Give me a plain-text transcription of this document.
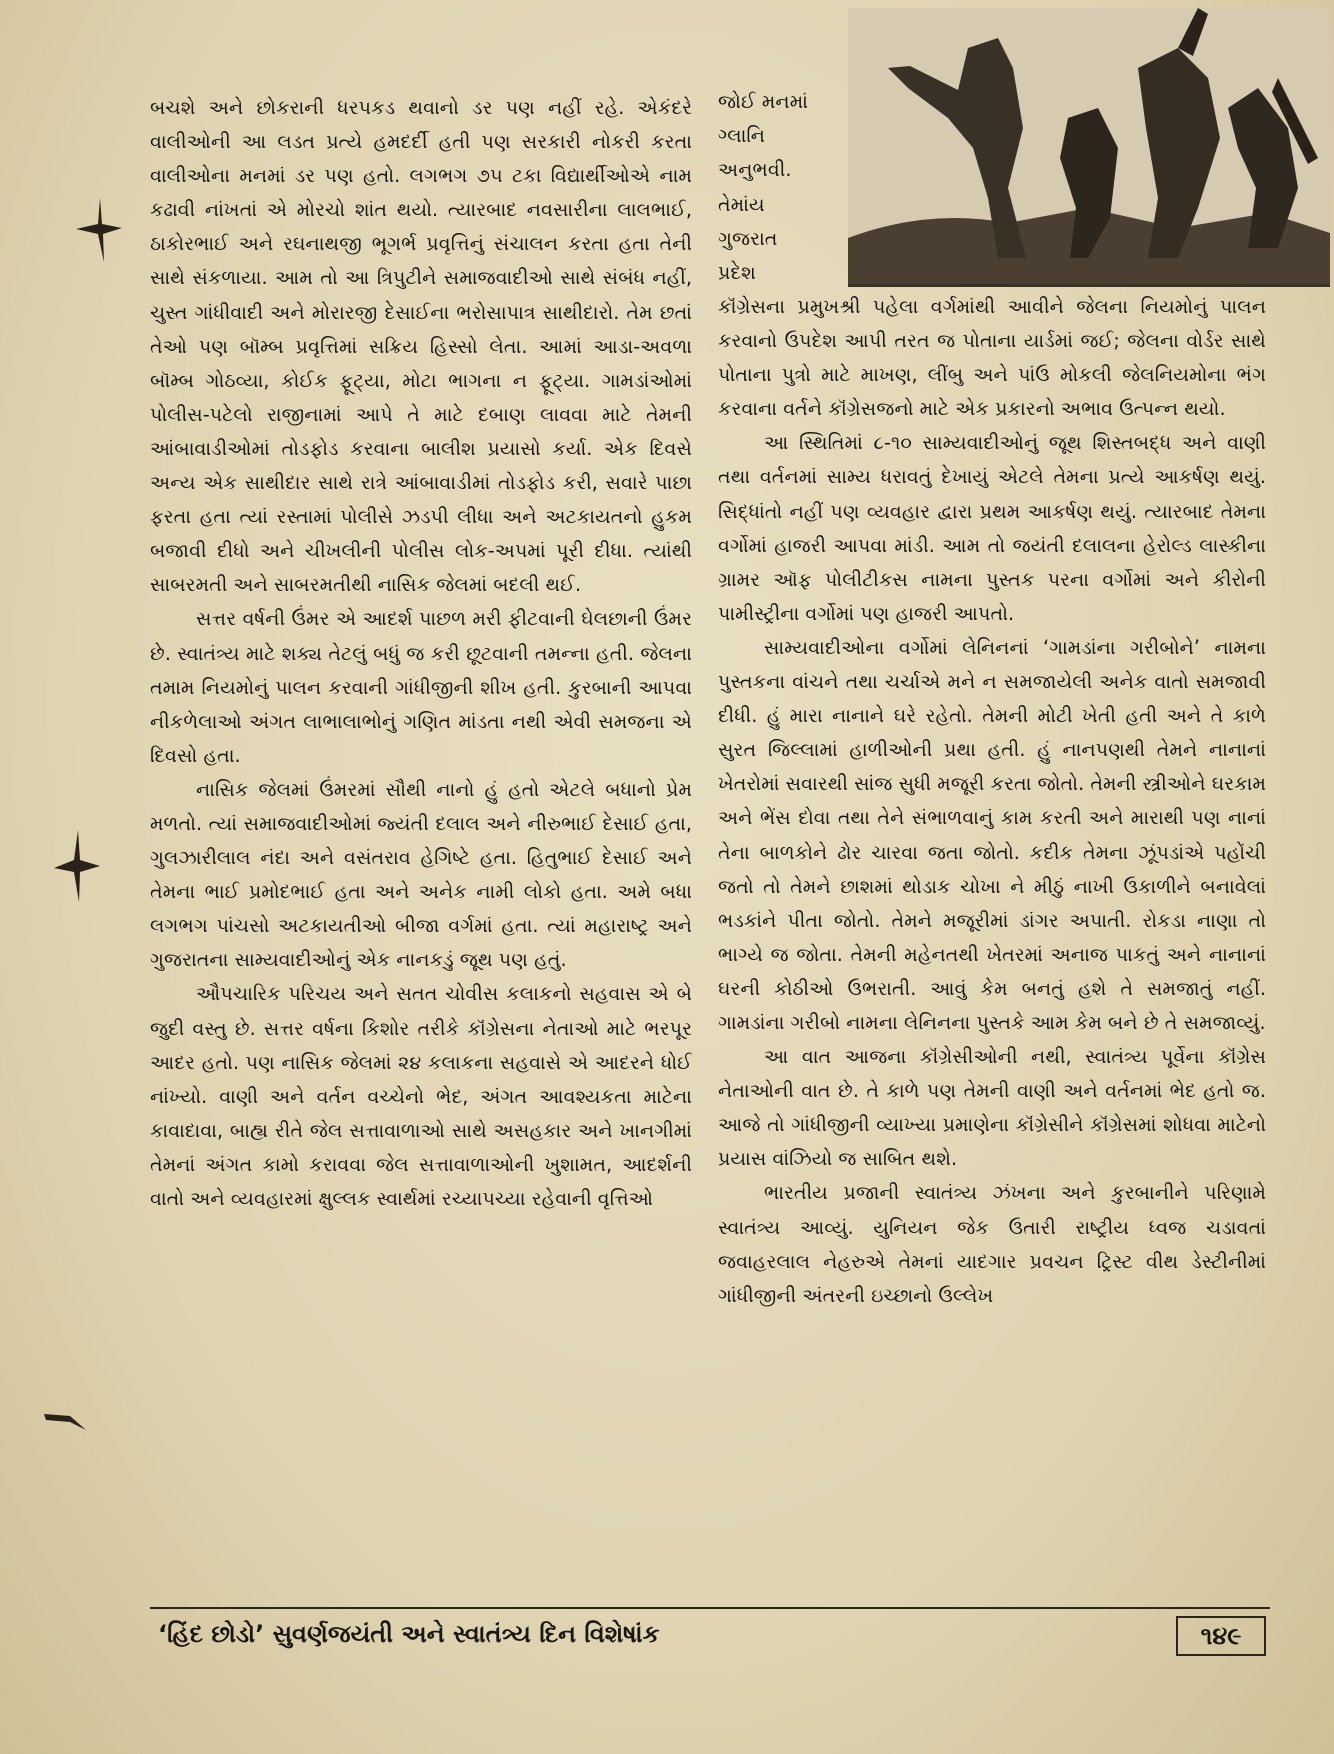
બચશે અને છોકરાની ધરપકડ થવાનો ડર પણ નહીં રહે. એકંદરે વાલીઓની આ લડત પ્રત્યે હમદર્દી હતી પણ સરકારી નોકરી કરતા વાલીઓના મનમાં ડર પણ હતો. લગભગ ૭૫ ટકા વિદ્યાર્થીઓએ નામ કઢાવી નાંખતાં એ મોરચો શાંત થયો. ત્યારબાદ નવસારીના લાલભાઈ, ઠાકોરભાઈ અને રઘનાથજી ભૂગર્ભ પ્રવૃત્તિનું સંચાલન કરતા હતા તેની સાથે સંકળાયા. આમ તો આ ત્રિપુટીને સમાજવાદીઓ સાથે સંબંધ નહીં, ચુસ્ત ગાંધીવાદી અને મોરારજી દેસાઈના ભરોસાપાત્ર સાથીદારો. તેમ છતાં તેઓ પણ બૉમ્બ પ્રવૃત્તિમાં સક્રિય હિસ્સો લેતા. આમાં આડા-અવળા બૉમ્બ ગોઠવ્યા, કોઈક ફૂટ્યા, મોટા ભાગના ન ફૂટ્યા. ગામડાંઓમાં પોલીસ-પટેલો રાજીનામાં આપે તે માટે દબાણ લાવવા માટે તેમની આંબાવાડીઓમાં તોડફોડ કરવાના બાલીશ પ્રયાસો કર્યા. એક દિવસે અન્ય એક સાથીદાર સાથે રાત્રે આંબાવાડીમાં તોડફોડ કરી, સવારે પાછા ફરતા હતા ત્યાં રસ્તામાં પોલીસે ઝડપી લીધા અને અટકાયતનો હુકમ બજાવી દીધો અને ચીખલીની પોલીસ લોક-અપમાં પૂરી દીધા. ત્યાંથી સાબરમતી અને સાબરમતીથી નાસિક જેલમાં બદલી થઈ.

સત્તર વર્ષની ઉંમર એ આદર્શ પાછળ મરી ફીટવાની ઘેલછાની ઉંમર છે. સ્વાતંત્ર્ય માટે શક્ય તેટલું બધું જ કરી છૂટવાની તમન્ના હતી. જેલના તમામ નિયમોનું પાલન કરવાની ગાંધીજીની શીખ હતી. કુરબાની આપવા નીકળેલાઓ અંગત લાભાલાભોનું ગણિત માંડતા નથી એવી સમજના એ દિવસો હતા.

નાસિક જેલમાં ઉંમરમાં સૌથી નાનો હું હતો એટલે બધાનો પ્રેમ મળતો. ત્યાં સમાજવાદીઓમાં જ્યંતી દલાલ અને નીરુભાઈ દેસાઈ હતા, ગુલઝારીલાલ નંદા અને વસંતરાવ હેગિષ્ટે હતા. હિતુભાઈ દેસાઈ અને તેમના ભાઈ પ્રમોદભાઈ હતા અને અનેક નામી લોકો હતા. અમે બધા લગભગ પાંચસો અટકાયતીઓ બીજા વર્ગમાં હતા. ત્યાં મહારાષ્ટ્ર અને ગુજરાતના સામ્યવાદીઓનું એક નાનકડું જૂથ પણ હતું.

ઔપચારિક પરિચય અને સતત ચોવીસ કલાકનો સહવાસ એ બે જુદી વસ્તુ છે. સત્તર વર્ષના કિશોર તરીકે કૉંગ્રેસના નેતાઓ માટે ભરપૂર આદર હતો. પણ નાસિક જેલમાં ૨૪ કલાકના સહવાસે એ આદરને ધોઈ નાંખ્યો. વાણી અને વર્તન વચ્ચેનો ભેદ, અંગત આવશ્યકતા માટેના કાવાદાવા, બાહ્ય રીતે જેલ સત્તાવાળાઓ સાથે અસહકાર અને ખાનગીમાં તેમનાં અંગત કામો કરાવવા જેલ સત્તાવાળાઓની ખુશામત, આદર્શની વાતો અને વ્યવહારમાં ક્ષુલ્લક સ્વાર્થમાં રચ્યાપચ્યા રહેવાની વૃત્તિઓ

જોઈ મનમાં

ગ્લાનિ

અનુભવી.

તેમાંય

ગુજરાત

પ્રદેશ

કૉંગ્રેસના પ્રમુખશ્રી પહેલા વર્ગમાંથી આવીને જેલના નિયમોનું પાલન કરવાનો ઉપદેશ આપી તરત જ પોતાના યાર્ડમાં જઈ; જેલના વોર્ડર સાથે પોતાના પુત્રો માટે માખણ, લીંબુ અને પાંઉ મોકલી જેલનિયમોના ભંગ કરવાના વર્તને કૉંગ્રેસજનો માટે એક પ્રકારનો અભાવ ઉત્પન્ન થયો.

આ સ્થિતિમાં ૮-૧૦ સામ્યવાદીઓનું જૂથ શિસ્તબદ્ધ અને વાણી તથા વર્તનમાં સામ્ય ધરાવતું દેખાયું એટલે તેમના પ્રત્યે આકર્ષણ થયું. સિદ્ધાંતો નહીં પણ વ્યવહાર દ્વારા પ્રથમ આકર્ષણ થયું. ત્યારબાદ તેમના વર્ગોમાં હાજરી આપવા માંડી. આમ તો જયંતી દલાલના હેરોલ્ડ લાસ્કીના ગ્રામર ઑફ પોલીટીકસ નામના પુસ્તક પરના વર્ગોમાં અને કીરોની પામીસ્ટ્રીના વર્ગોમાં પણ હાજરી આપતો.

સામ્યવાદીઓના વર્ગોમાં લેનિનનાં ‘ગામડાંના ગરીબોને’ નામના પુસ્તકના વાંચને તથા ચર્ચાએ મને ન સમજાયેલી અનેક વાતો સમજાવી દીધી. હું મારા નાનાને ઘરે રહેતો. તેમની મોટી ખેતી હતી અને તે કાળે સુરત જિલ્લામાં હાળીઓની પ્રથા હતી. હું નાનપણથી તેમને નાનાનાં ખેતરોમાં સવારથી સાંજ સુધી મજૂરી કરતા જોતો. તેમની સ્ત્રીઓને ઘરકામ અને ભેંસ દોવા તથા તેને સંભાળવાનું કામ કરતી અને મારાથી પણ નાનાં તેના બાળકોને ઢોર ચારવા જતા જોતો. કદીક તેમના ઝૂંપડાંએ પહોંચી જતો તો તેમને છાશમાં થોડાક ચોખા ને મીઠું નાખી ઉકાળીને બનાવેલાં ભડકાંને પીતા જોતો. તેમને મજૂરીમાં ડાંગર અપાતી. રોકડા નાણા તો ભાગ્યે જ જોતા. તેમની મહેનતથી ખેતરમાં અનાજ પાકતું અને નાનાનાં ઘરની કોઠીઓ ઉભરાતી. આવું કેમ બનતું હશે તે સમજાતું નહીં. ગામડાંના ગરીબો નામના લેનિનના પુસ્તકે આમ કેમ બને છે તે સમજાવ્યું.

આ વાત આજના કૉંગ્રેસીઓની નથી, સ્વાતંત્ર્ય પૂર્વેના કૉંગ્રેસ નેતાઓની વાત છે. તે કાળે પણ તેમની વાણી અને વર્તનમાં ભેદ હતો જ. આજે તો ગાંધીજીની વ્યાખ્યા પ્રમાણેના કૉંગ્રેસીને કૉંગ્રેસમાં શોધવા માટેનો પ્રયાસ વાંઝિયો જ સાબિત થશે.

ભારતીય પ્રજાની સ્વાતંત્ર્ય ઝંખના અને કુરબાનીને પરિણામે સ્વાતંત્ર્ય આવ્યું. યુનિયન જેક ઉતારી રાષ્ટ્રીય ધ્વજ ચડાવતાં જવાહરલાલ નેહરુએ તેમનાં યાદગાર પ્રવચન ટ્રિસ્ટ વીથ ડેસ્ટીનીમાં ગાંધીજીની અંતરની ઇચ્છાનો ઉલ્લેખ

‘હિંદ છોડો’ સુવર્ણજયંતી અને સ્વાતંત્ર્ય દિન વિશેષાંક	૧૪૯
